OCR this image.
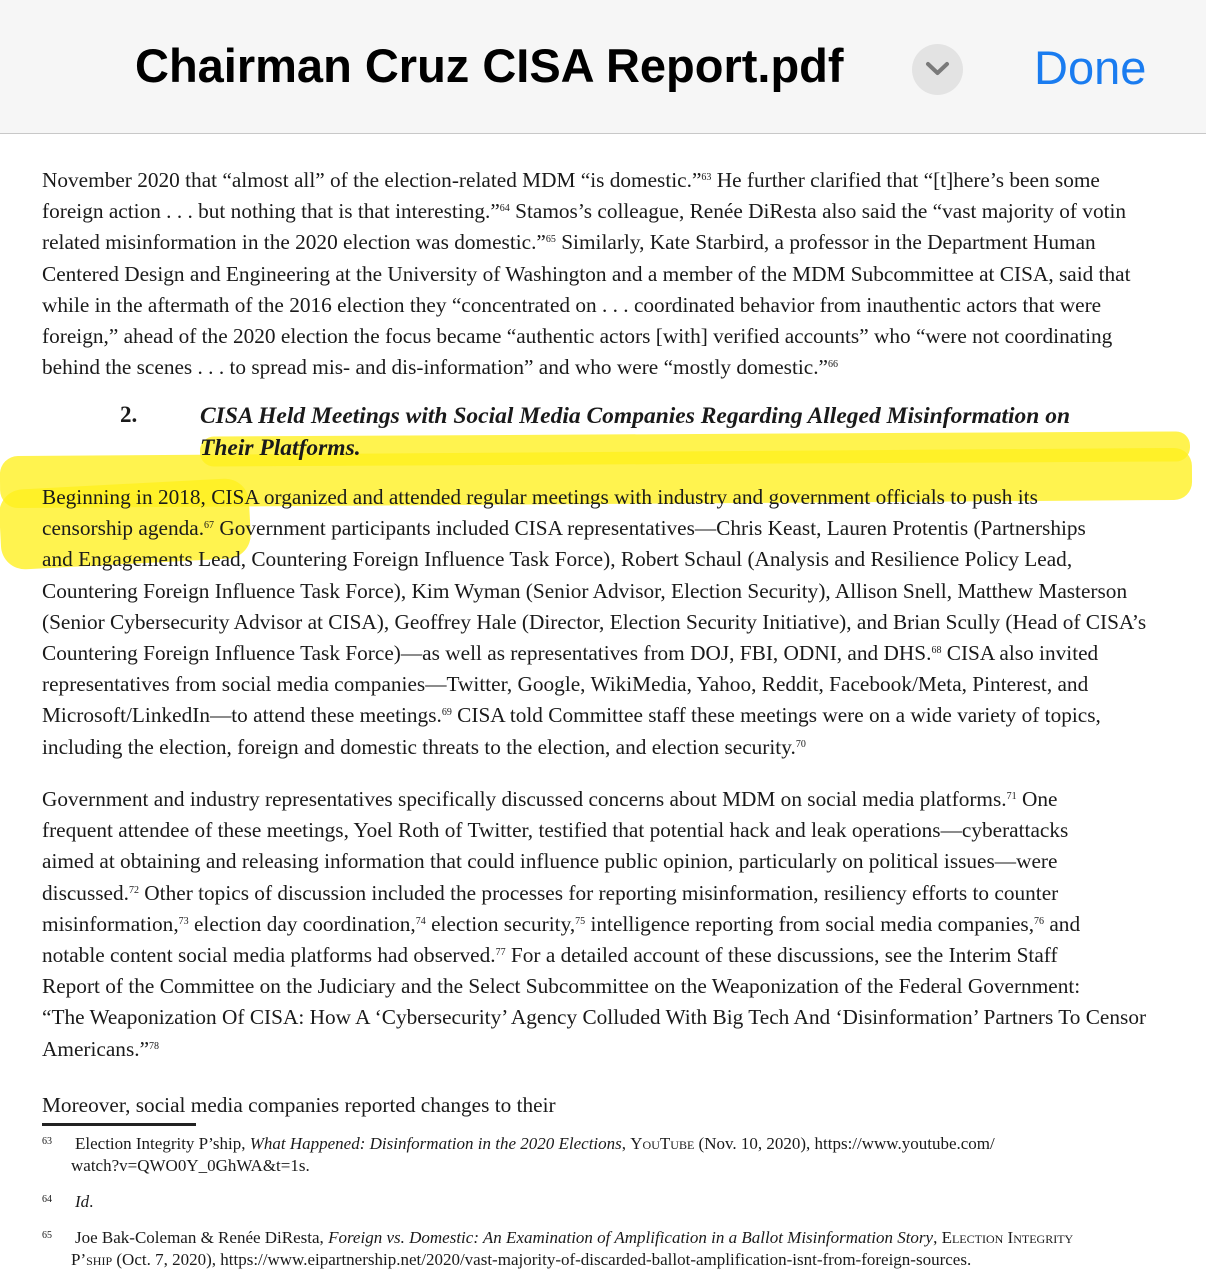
Chairman Cruz CISA Report.pdf	Done
November 2020 that “almost all” of the election-related MDM “is domestic.”$^{63}$ He further clarified that “[t]here’s been some
foreign action . . . but nothing that is that interesting.”$^{64}$ Stamos’s colleague, Renée DiResta also said the “vast majority of votin
related misinformation in the 2020 election was domestic.”$^{65}$ Similarly, Kate Starbird, a professor in the Department Human
Centered Design and Engineering at the University of Washington and a member of the MDM Subcommittee at CISA, said that
while in the aftermath of the 2016 election they “concentrated on . . . coordinated behavior from inauthentic actors that were
foreign,” ahead of the 2020 election the focus became “authentic actors [with] verified accounts” who “were not coordinating
behind the scenes . . . to spread mis- and dis-information” and who were “mostly domestic.”$^{66}$
2.	CISA Held Meetings with Social Media Companies Regarding Alleged Misinformation on
Their Platforms.
Beginning in 2018, CISA organized and attended regular meetings with industry and government officials to push its
censorship agenda.$^{67}$ Government participants included CISA representatives—Chris Keast, Lauren Protentis (Partnerships
and Engagements Lead, Countering Foreign Influence Task Force), Robert Schaul (Analysis and Resilience Policy Lead,
Countering Foreign Influence Task Force), Kim Wyman (Senior Advisor, Election Security), Allison Snell, Matthew Masterson
(Senior Cybersecurity Advisor at CISA), Geoffrey Hale (Director, Election Security Initiative), and Brian Scully (Head of CISA’s
Countering Foreign Influence Task Force)—as well as representatives from DOJ, FBI, ODNI, and DHS.$^{68}$ CISA also invited
representatives from social media companies—Twitter, Google, WikiMedia, Yahoo, Reddit, Facebook/Meta, Pinterest, and
Microsoft/LinkedIn—to attend these meetings.$^{69}$ CISA told Committee staff these meetings were on a wide variety of topics,
including the election, foreign and domestic threats to the election, and election security.$^{70}$
Government and industry representatives specifically discussed concerns about MDM on social media platforms.$^{71}$ One
frequent attendee of these meetings, Yoel Roth of Twitter, testified that potential hack and leak operations—cyberattacks
aimed at obtaining and releasing information that could influence public opinion, particularly on political issues—were
discussed.$^{72}$ Other topics of discussion included the processes for reporting misinformation, resiliency efforts to counter
misinformation,$^{73}$ election day coordination,$^{74}$ election security,$^{75}$ intelligence reporting from social media companies,$^{76}$ and
notable content social media platforms had observed.$^{77}$ For a detailed account of these discussions, see the Interim Staff
Report of the Committee on the Judiciary and the Select Subcommittee on the Weaponization of the Federal Government:
“The Weaponization Of CISA: How A ‘Cybersecurity’ Agency Colluded With Big Tech And ‘Disinformation’ Partners To Censor
Americans.”$^{78}$
Moreover, social media companies reported changes to their
63 Election Integrity P’ship, What Happened: Disinformation in the 2020 Elections, YouTube (Nov. 10, 2020), https://www.youtube.com/
watch?v=QWO0Y_0GhWA&t=1s.
64 Id.
65 Joe Bak-Coleman & Renée DiResta, Foreign vs. Domestic: An Examination of Amplification in a Ballot Misinformation Story, Election Integrity
P’ship (Oct. 7, 2020), https://www.eipartnership.net/2020/vast-majority-of-discarded-ballot-amplification-isnt-from-foreign-sources.
